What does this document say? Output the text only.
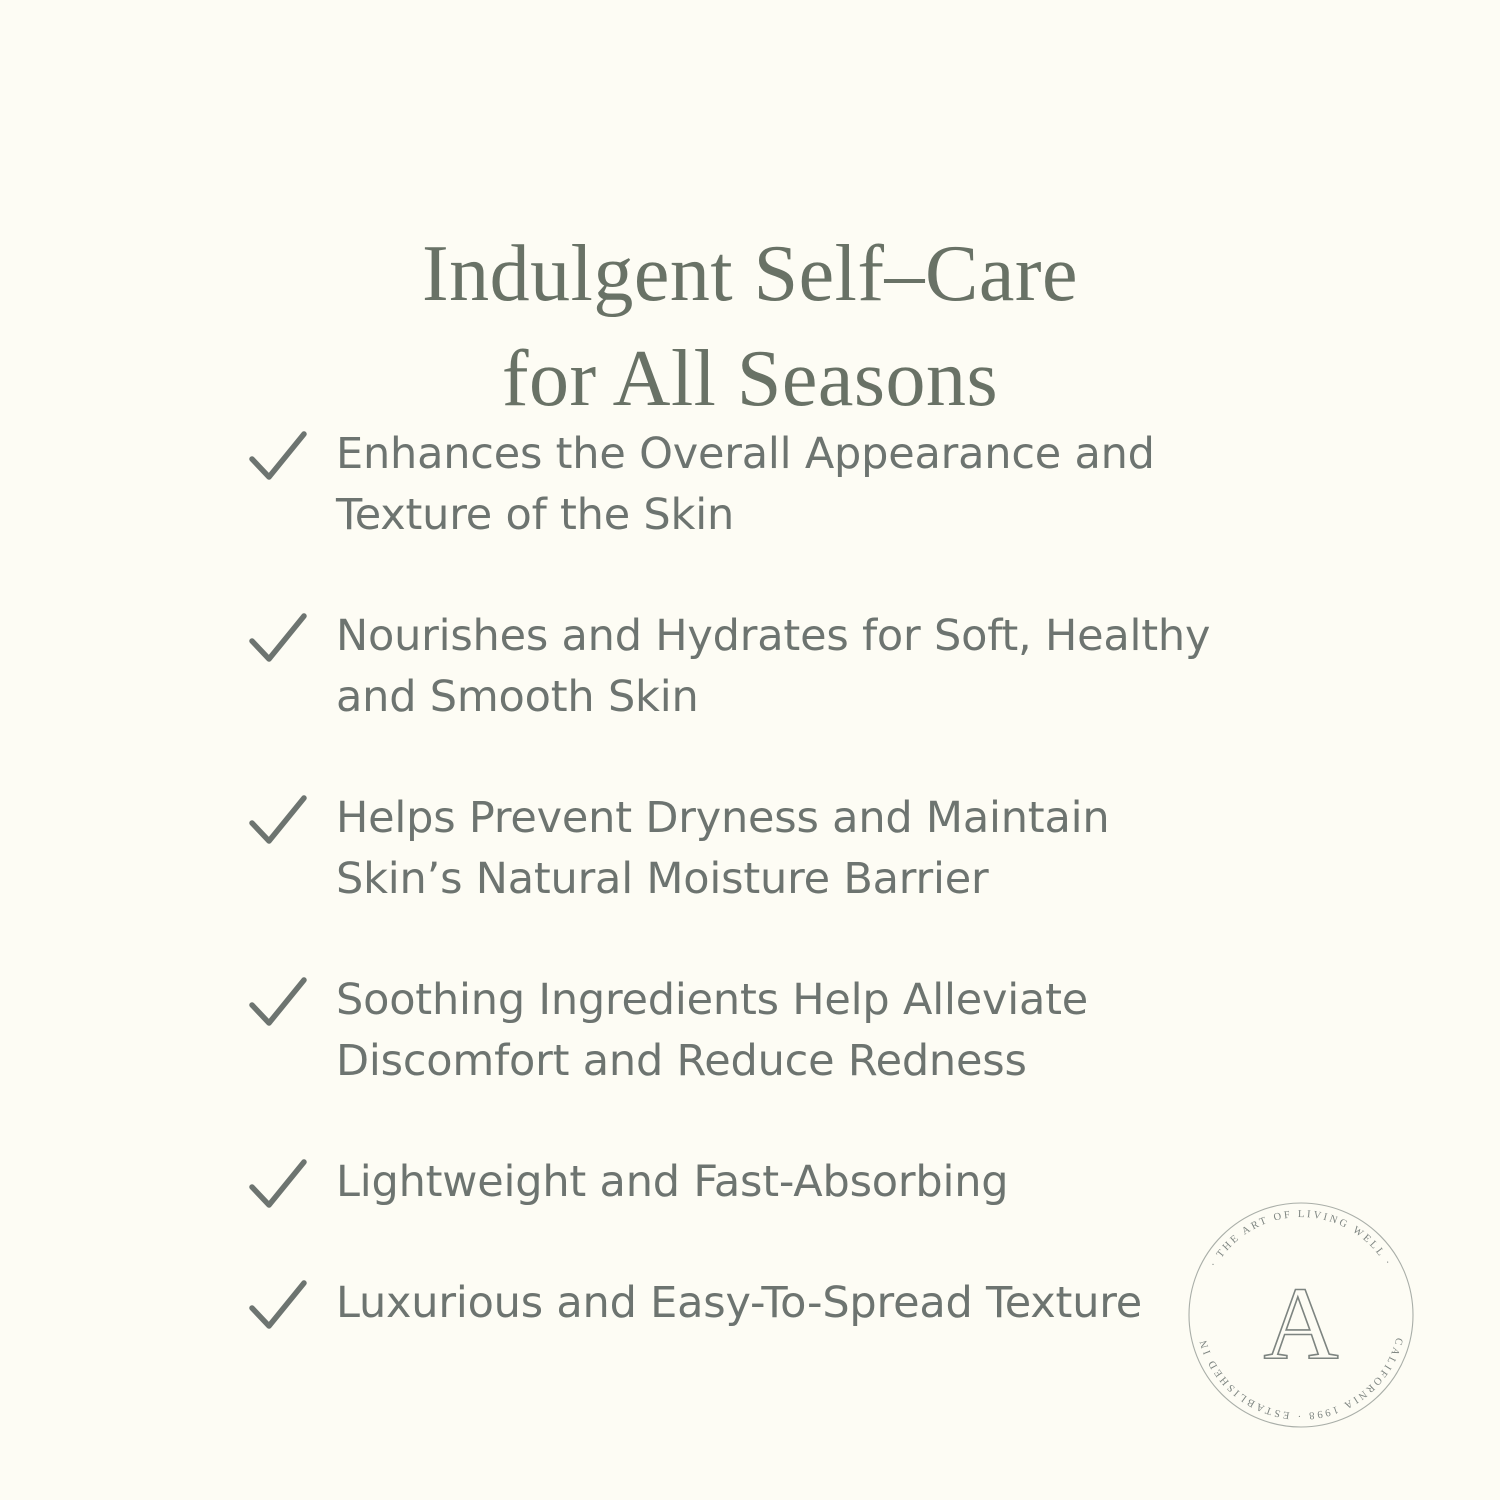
Indulgent Self–Care
for All Seasons
Enhances the Overall Appearance and Texture of the Skin
Nourishes and Hydrates for Soft, Healthy and Smooth Skin
Helps Prevent Dryness and Maintain Skin’s Natural Moisture Barrier
Soothing Ingredients Help Alleviate Discomfort and Reduce Redness
Lightweight and Fast-Absorbing
Luxurious and Easy-To-Spread Texture
· THE ART OF LIVING WELL ·
CALIFORNIA 1998 · ESTABLISHED IN A
